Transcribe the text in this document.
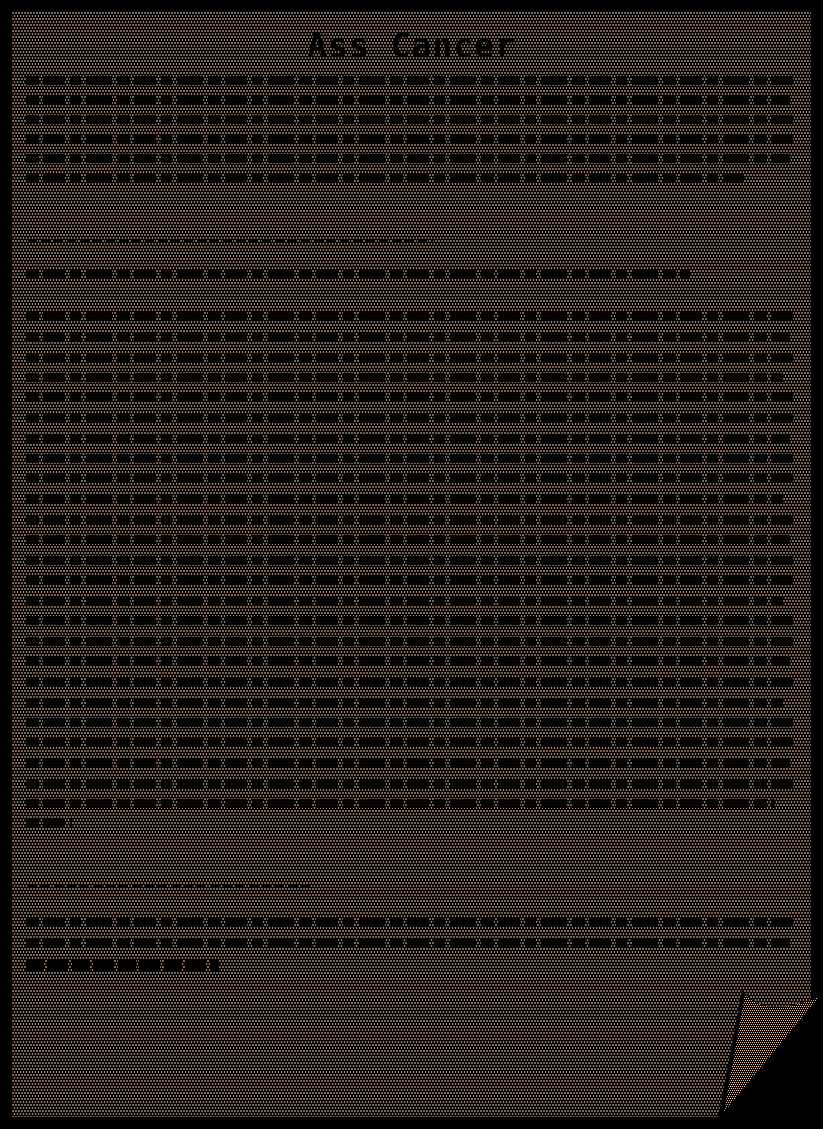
Ass Cancer
